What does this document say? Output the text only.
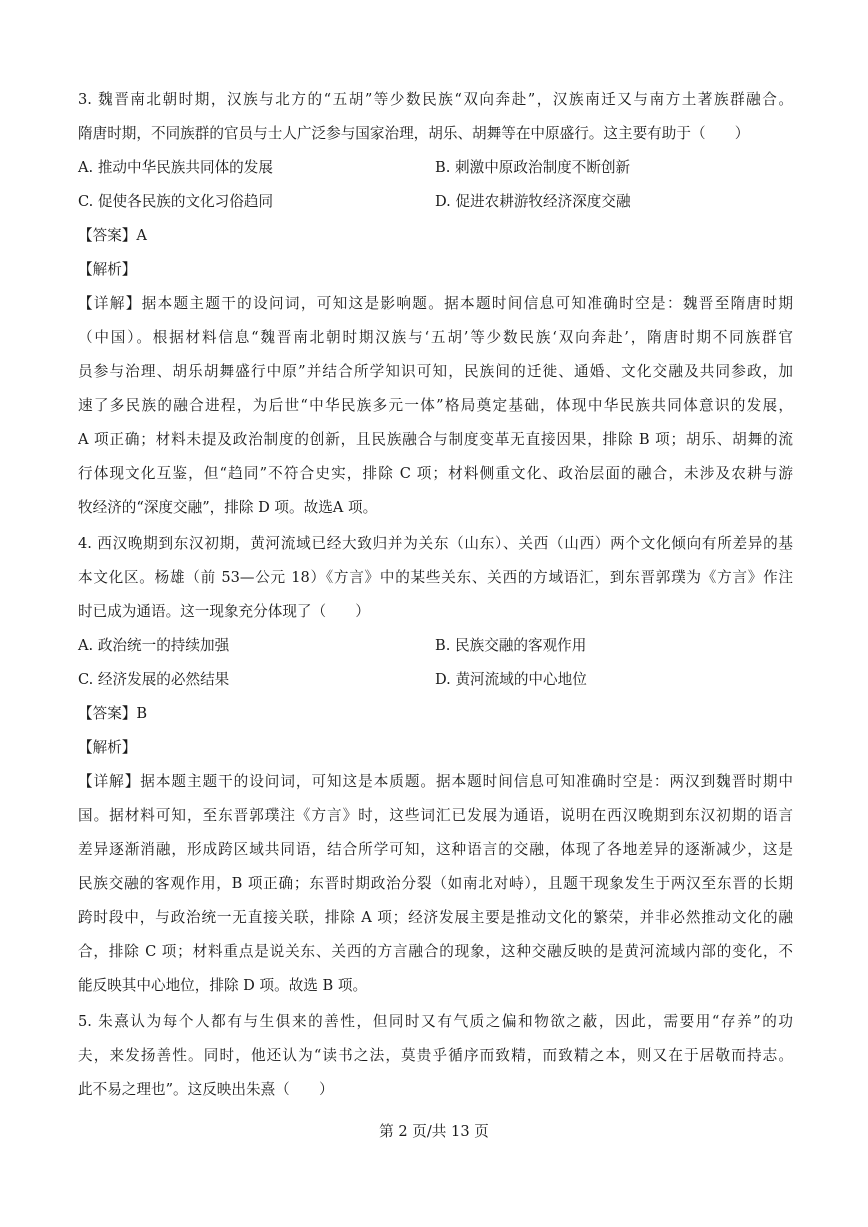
3. 魏晋南北朝时期，汉族与北方的“五胡”等少数民族“双向奔赴”，汉族南迁又与南方土著族群融合。
隋唐时期，不同族群的官员与士人广泛参与国家治理，胡乐、胡舞等在中原盛行。这主要有助于（　　）
A. 推动中华民族共同体的发展	B. 刺激中原政治制度不断创新
C. 促使各民族的文化习俗趋同	D. 促进农耕游牧经济深度交融
【答案】A
【解析】
【详解】据本题主题干的设问词，可知这是影响题。据本题时间信息可知准确时空是：魏晋至隋唐时期
（中国）。根据材料信息“魏晋南北朝时期汉族与‘五胡’等少数民族‘双向奔赴’，隋唐时期不同族群官
员参与治理、胡乐胡舞盛行中原”并结合所学知识可知，民族间的迁徙、通婚、文化交融及共同参政，加
速了多民族的融合进程，为后世“中华民族多元一体”格局奠定基础，体现中华民族共同体意识的发展，
A 项正确；材料未提及政治制度的创新，且民族融合与制度变革无直接因果，排除 B 项；胡乐、胡舞的流
行体现文化互鉴，但“趋同”不符合史实，排除 C 项；材料侧重文化、政治层面的融合，未涉及农耕与游
牧经济的“深度交融”，排除 D 项。故选A 项。
4. 西汉晚期到东汉初期，黄河流域已经大致归并为关东（山东）、关西（山西）两个文化倾向有所差异的基
本文化区。杨雄（前 53—公元 18）《方言》中的某些关东、关西的方域语汇，到东晋郭璞为《方言》作注
时已成为通语。这一现象充分体现了（　　）
A. 政治统一的持续加强	B. 民族交融的客观作用
C. 经济发展的必然结果	D. 黄河流域的中心地位
【答案】B
【解析】
【详解】据本题主题干的设问词，可知这是本质题。据本题时间信息可知准确时空是：两汉到魏晋时期中
国。据材料可知，至东晋郭璞注《方言》时，这些词汇已发展为通语，说明在西汉晚期到东汉初期的语言
差异逐渐消融，形成跨区域共同语，结合所学可知，这种语言的交融，体现了各地差异的逐渐减少，这是
民族交融的客观作用，B 项正确；东晋时期政治分裂（如南北对峙），且题干现象发生于两汉至东晋的长期
跨时段中，与政治统一无直接关联，排除 A 项；经济发展主要是推动文化的繁荣，并非必然推动文化的融
合，排除 C 项；材料重点是说关东、关西的方言融合的现象，这种交融反映的是黄河流域内部的变化，不
能反映其中心地位，排除 D 项。故选 B 项。
5. 朱熹认为每个人都有与生俱来的善性，但同时又有气质之偏和物欲之蔽，因此，需要用“存养”的功
夫，来发扬善性。同时，他还认为“读书之法，莫贵乎循序而致精，而致精之本，则又在于居敬而持志。
此不易之理也”。这反映出朱熹（　　）
第 2 页/共 13 页
